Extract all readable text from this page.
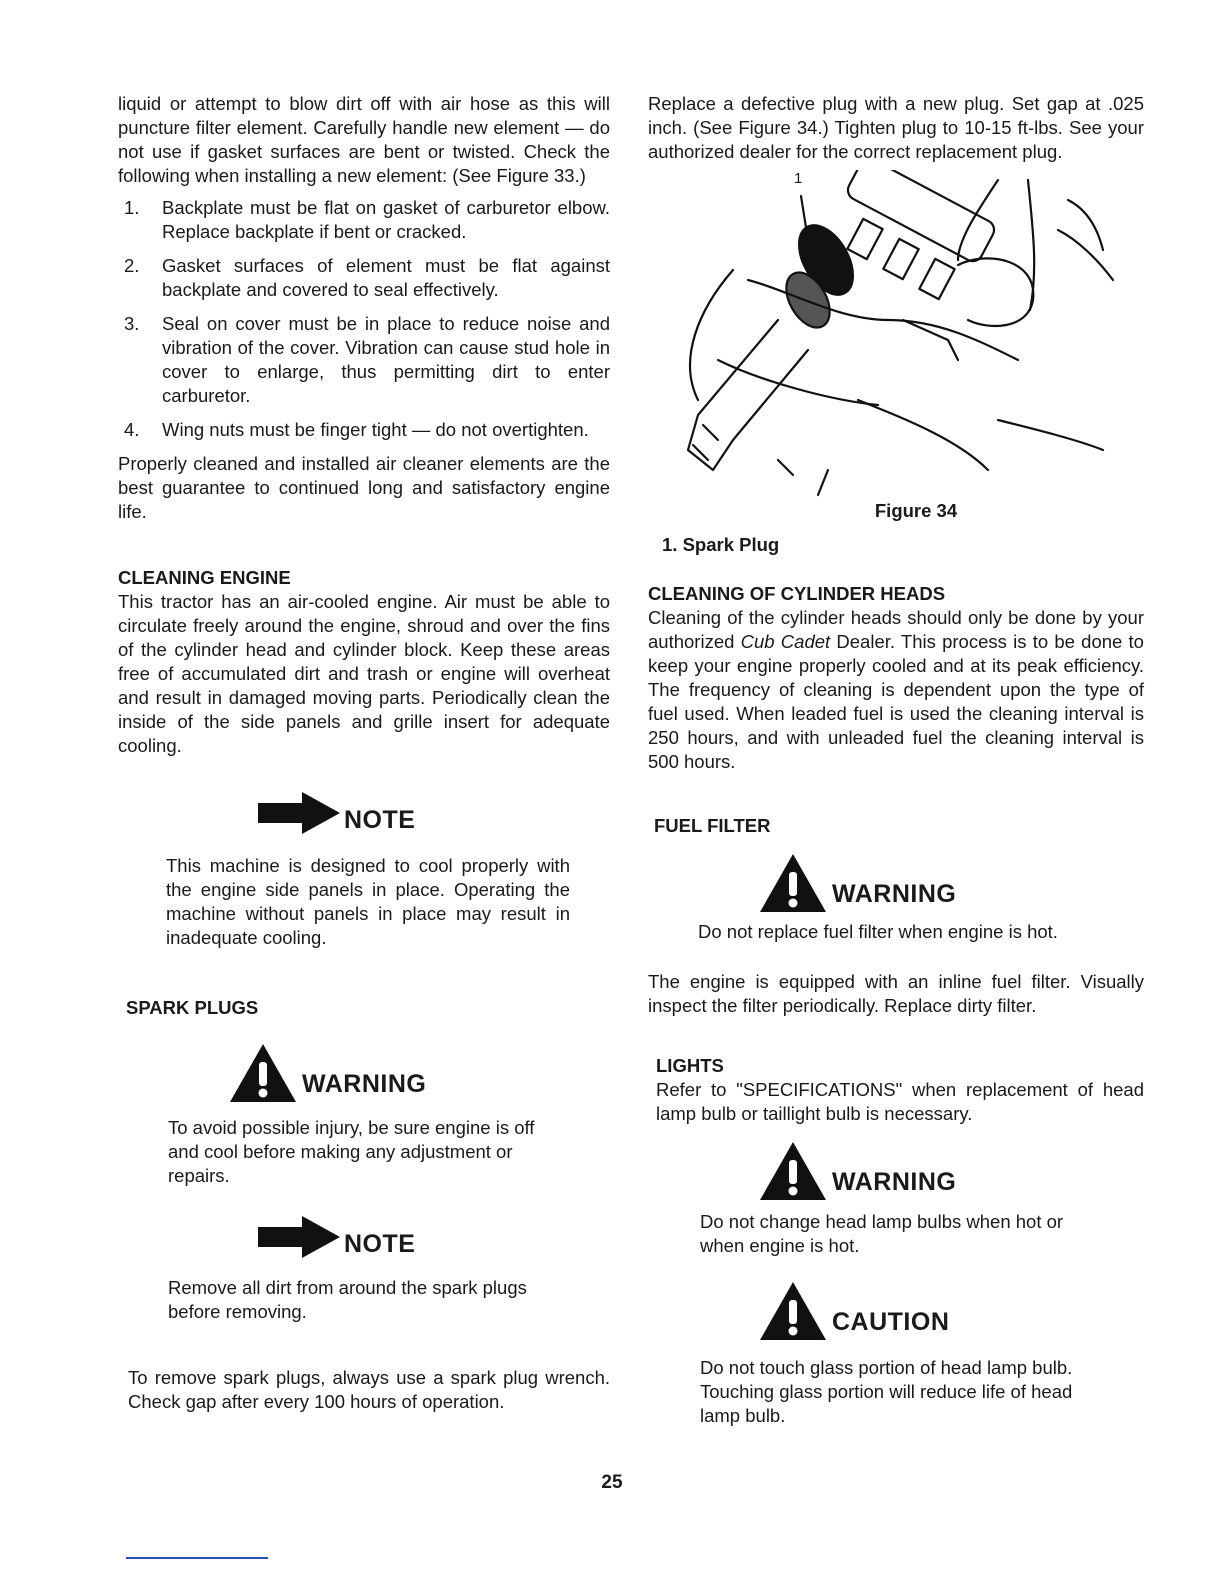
liquid or attempt to blow dirt off with air hose as this will puncture filter element. Carefully handle new element — do not use if gasket surfaces are bent or twisted. Check the following when installing a new element: (See Figure 33.)

1.	Backplate must be flat on gasket of carburetor elbow. Replace backplate if bent or cracked.
2.	Gasket surfaces of element must be flat against backplate and covered to seal effectively.
3.	Seal on cover must be in place to reduce noise and vibration of the cover. Vibration can cause stud hole in cover to enlarge, thus permitting dirt to enter carburetor.
4.	Wing nuts must be finger tight — do not overtighten.

Properly cleaned and installed air cleaner elements are the best guarantee to continued long and satisfactory engine life.

CLEANING ENGINE

This tractor has an air-cooled engine. Air must be able to circulate freely around the engine, shroud and over the fins of the cylinder head and cylinder block. Keep these areas free of accumulated dirt and trash or engine will overheat and result in damaged moving parts. Periodically clean the inside of the side panels and grille insert for adequate cooling.

NOTE

This machine is designed to cool properly with the engine side panels in place. Operating the machine without panels in place may result in inadequate cooling.

SPARK PLUGS
WARNING

To avoid possible injury, be sure engine is off and cool before making any adjustment or repairs.

NOTE

Remove all dirt from around the spark plugs before removing.

To remove spark plugs, always use a spark plug wrench. Check gap after every 100 hours of operation.

Replace a defective plug with a new plug. Set gap at .025 inch. (See Figure 34.) Tighten plug to 10-15 ft-lbs. See your authorized dealer for the correct replacement plug.

1
Figure 34
1. Spark Plug
CLEANING OF CYLINDER HEADS

Cleaning of the cylinder heads should only be done by your authorized Cub Cadet Dealer. This process is to be done to keep your engine properly cooled and at its peak efficiency. The frequency of cleaning is dependent upon the type of fuel used. When leaded fuel is used the cleaning interval is 250 hours, and with unleaded fuel the cleaning interval is 500 hours.

FUEL FILTER
WARNING

Do not replace fuel filter when engine is hot.

The engine is equipped with an inline fuel filter. Visually inspect the filter periodically. Replace dirty filter.

LIGHTS

Refer to "SPECIFICATIONS" when replacement of head lamp bulb or taillight bulb is necessary.

WARNING

Do not change head lamp bulbs when hot or when engine is hot.

CAUTION

Do not touch glass portion of head lamp bulb. Touching glass portion will reduce life of head lamp bulb.

25
